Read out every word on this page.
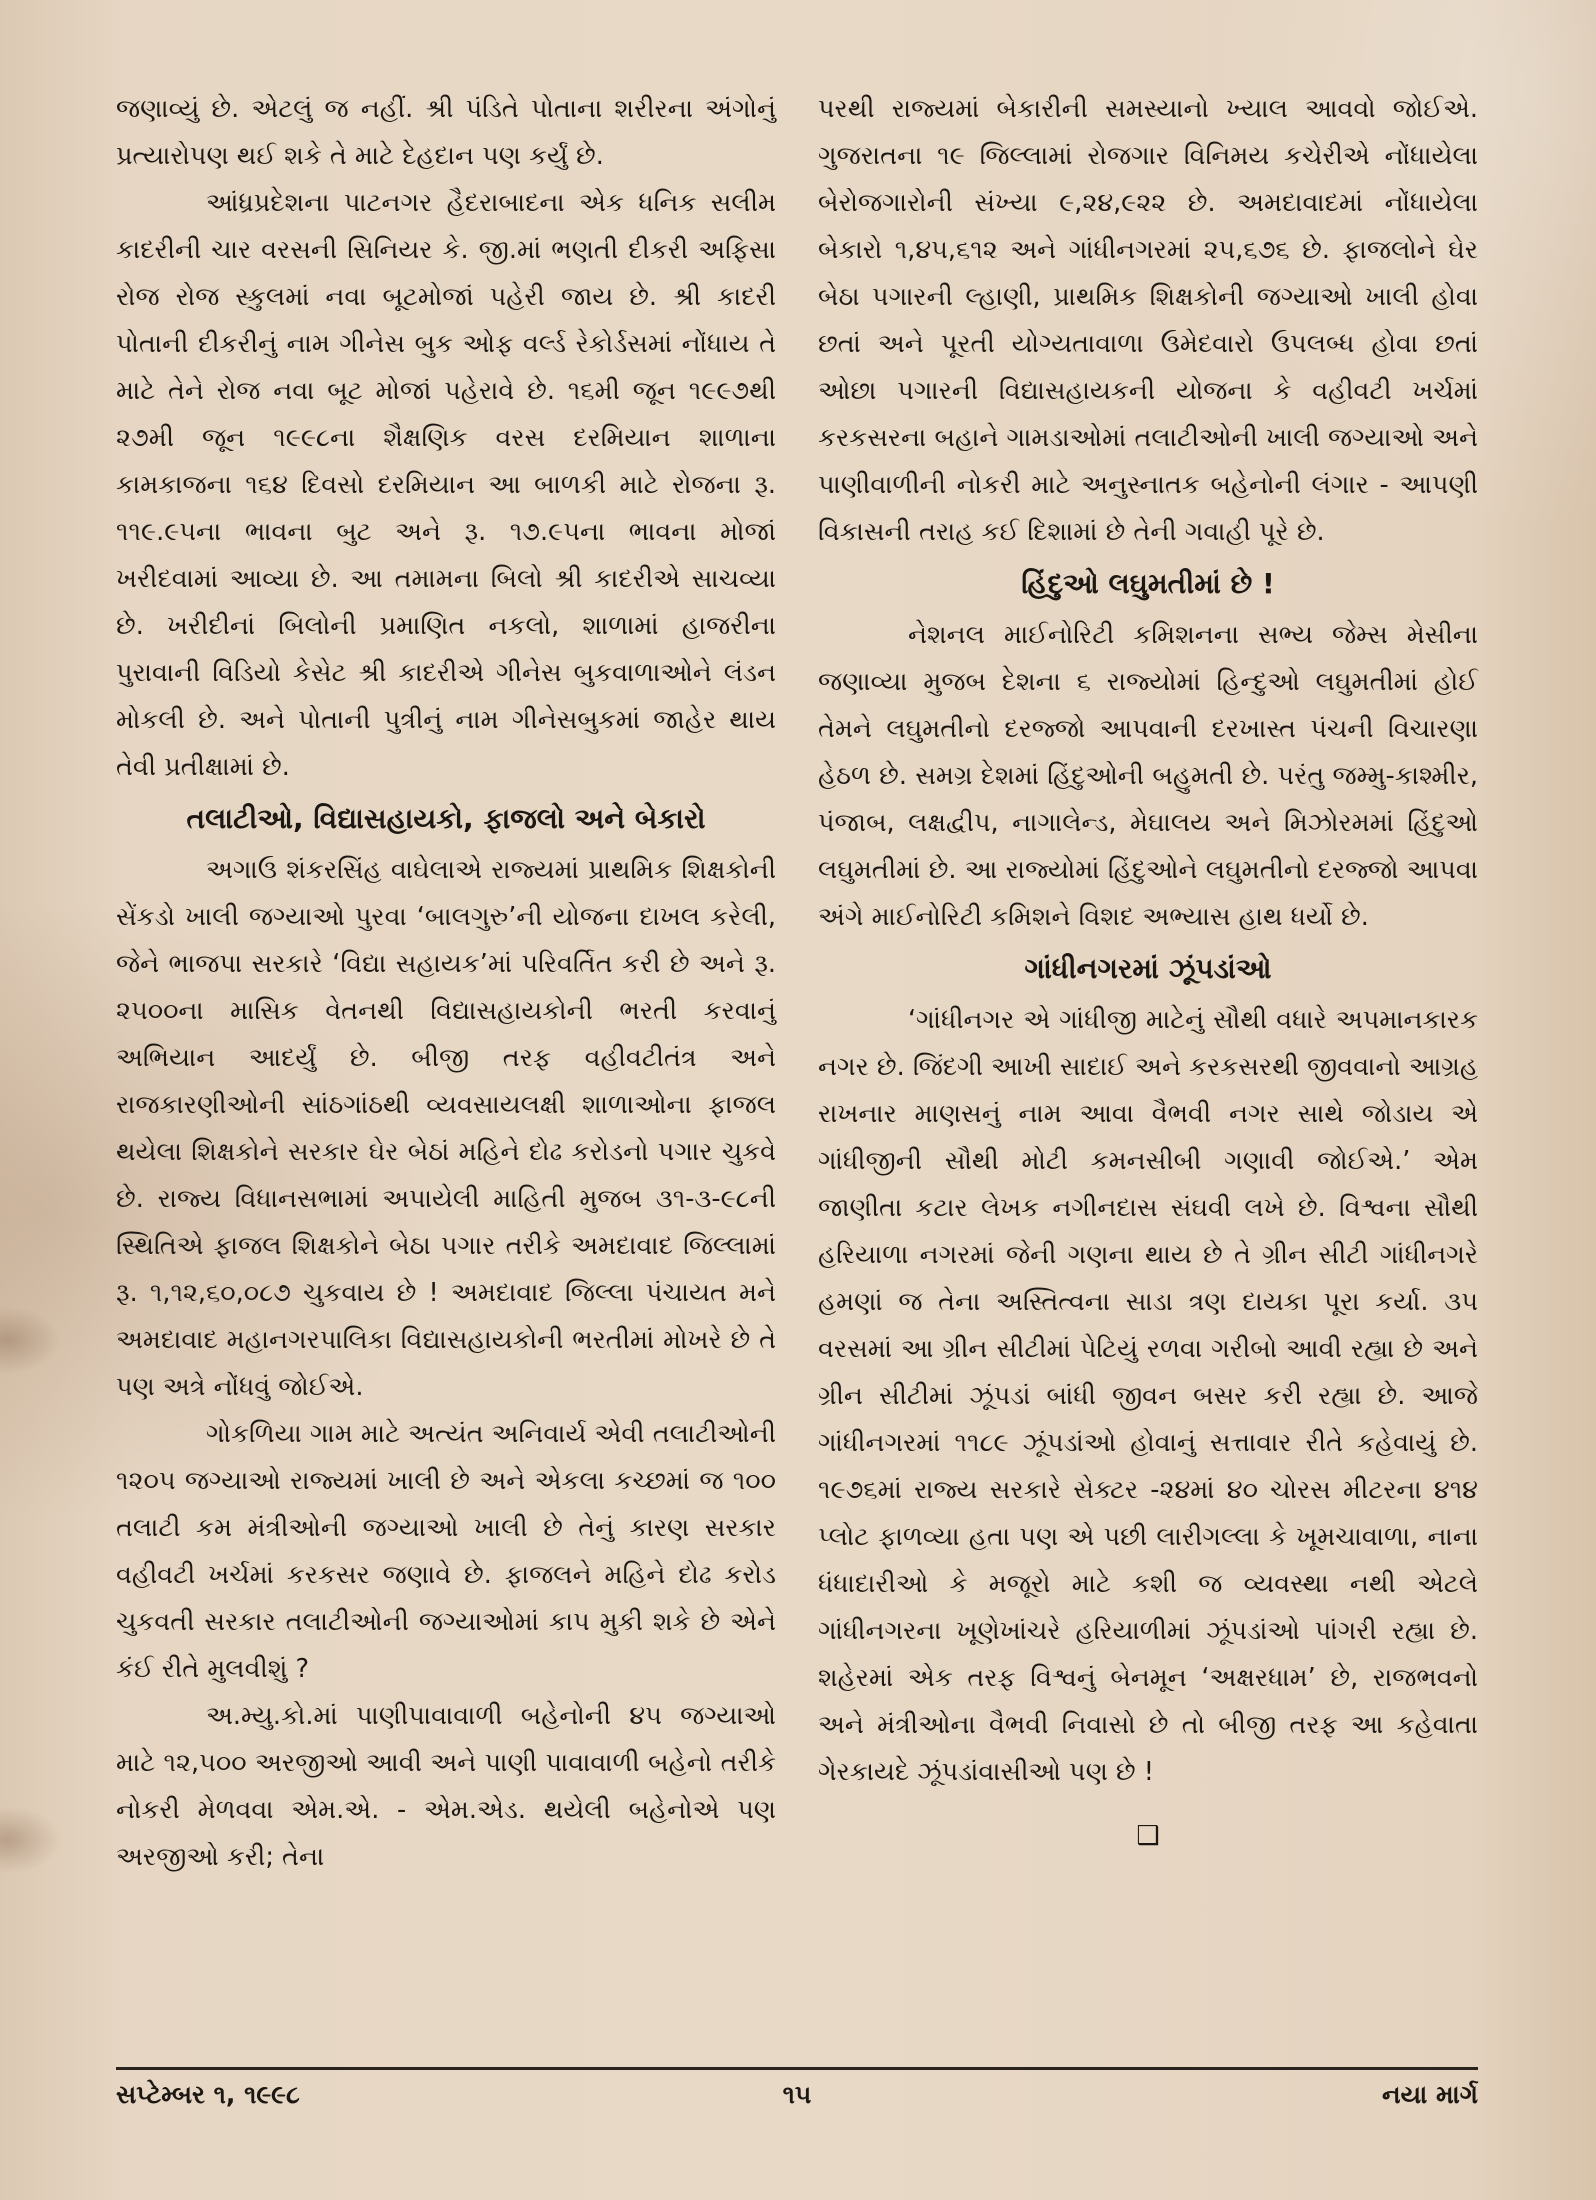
જણાવ્યું છે. એટલું જ નહીં. શ્રી પંડિતે પોતાના શરીરના અંગોનું પ્રત્યારોપણ થઈ શકે તે માટે દેહદાન પણ કર્યું છે.

આંધ્રપ્રદેશના પાટનગર હૈદરાબાદના એક ધનિક સલીમ કાદરીની ચાર વરસની સિનિયર કે. જી.માં ભણતી દીકરી અફિસા રોજ રોજ સ્કુલમાં નવા બૂટમોજાં પહેરી જાય છે. શ્રી કાદરી પોતાની દીકરીનું નામ ગીનેસ બુક ઓફ વર્લ્ડ રેકોર્ડસમાં નોંધાય તે માટે તેને રોજ નવા બૂટ મોજાં પહેરાવે છે. ૧૬મી જૂન ૧૯૯૭થી ૨૭મી જૂન ૧૯૯૮ના શૈક્ષણિક વરસ દરમિયાન શાળાના કામકાજના ૧૬૪ દિવસો દરમિયાન આ બાળકી માટે રોજના રૂ. ૧૧૯.૯૫ના ભાવના બુટ અને રૂ. ૧૭.૯૫ના ભાવના મોજાં ખરીદવામાં આવ્યા છે. આ તમામના બિલો શ્રી કાદરીએ સાચવ્યા છે. ખરીદીનાં બિલોની પ્રમાણિત નકલો, શાળામાં હાજરીના પુરાવાની વિડિયો કેસેટ શ્રી કાદરીએ ગીનેસ બુકવાળાઓને લંડન મોકલી છે. અને પોતાની પુત્રીનું નામ ગીનેસબુકમાં જાહેર થાય તેવી પ્રતીક્ષામાં છે.

તલાટીઓ, વિદ્યાસહાયકો, ફાજલો અને બેકારો

અગાઉ શંકરસિંહ વાઘેલાએ રાજ્યમાં પ્રાથમિક શિક્ષકોની સેંકડો ખાલી જગ્યાઓ પુરવા ‘બાલગુરુ’ની યોજના દાખલ કરેલી, જેને ભાજપા સરકારે ‘વિદ્યા સહાયક’માં પરિવર્તિત કરી છે અને રૂ. ૨૫૦૦ના માસિક વેતનથી વિદ્યાસહાયકોની ભરતી કરવાનું અભિયાન આદર્યું છે. બીજી તરફ વહીવટીતંત્ર અને રાજકારણીઓની સાંઠગાંઠથી વ્યવસાયલક્ષી શાળાઓના ફાજલ થયેલા શિક્ષકોને સરકાર ઘેર બેઠાં મહિને દોઢ કરોડનો પગાર ચુકવે છે. રાજ્ય વિધાનસભામાં અપાયેલી માહિતી મુજબ ૩૧-૩-૯૮ની સ્થિતિએ ફાજલ શિક્ષકોને બેઠા પગાર તરીકે અમદાવાદ જિલ્લામાં રૂ. ૧,૧૨,૬૦,૦૮૭ ચુકવાય છે ! અમદાવાદ જિલ્લા પંચાયત મને અમદાવાદ મહાનગરપાલિકા વિદ્યાસહાયકોની ભરતીમાં મોખરે છે તે પણ અત્રે નોંધવું જોઈએ.

ગોકળિયા ગામ માટે અત્યંત અનિવાર્ય એવી તલાટીઓની ૧૨૦૫ જગ્યાઓ રાજ્યમાં ખાલી છે અને એકલા કચ્છમાં જ ૧૦૦ તલાટી કમ મંત્રીઓની જગ્યાઓ ખાલી છે તેનું કારણ સરકાર વહીવટી ખર્ચમાં કરકસર જણાવે છે. ફાજલને મહિને દોઢ કરોડ ચુકવતી સરકાર તલાટીઓની જગ્યાઓમાં કાપ મુકી શકે છે એને કંઈ રીતે મુલવીશું ?

અ.મ્યુ.કો.માં પાણીપાવાવાળી બહેનોની ૪૫ જગ્યાઓ માટે ૧૨,૫૦૦ અરજીઓ આવી અને પાણી પાવાવાળી બહેનો તરીકે નોકરી મેળવવા એમ.એ. - એમ.એડ. થયેલી બહેનોએ પણ અરજીઓ કરી; તેના

પરથી રાજ્યમાં બેકારીની સમસ્યાનો ખ્યાલ આવવો જોઈએ. ગુજરાતના ૧૯ જિલ્લામાં રોજગાર વિનિમય કચેરીએ નોંધાયેલા બેરોજગારોની સંખ્યા ૯,૨૪,૯૨૨ છે. અમદાવાદમાં નોંધાયેલા બેકારો ૧,૪૫,૬૧૨ અને ગાંધીનગરમાં ૨૫,૬૭૬ છે. ફાજલોને ઘેર બેઠા પગારની લ્હાણી, પ્રાથમિક શિક્ષકોની જગ્યાઓ ખાલી હોવા છતાં અને પૂરતી યોગ્યતાવાળા ઉમેદવારો ઉપલબ્ધ હોવા છતાં ઓછા પગારની વિદ્યાસહાયકની યોજના કે વહીવટી ખર્ચમાં કરકસરના બહાને ગામડાઓમાં તલાટીઓની ખાલી જગ્યાઓ અને પાણીવાળીની નોકરી માટે અનુસ્નાતક બહેનોની લંગાર - આપણી વિકાસની તરાહ કઈ દિશામાં છે તેની ગવાહી પૂરે છે.

હિંદુઓ લઘુમતીમાં છે !

નેશનલ માઈનોરિટી કમિશનના સભ્ય જેમ્સ મેસીના જણાવ્યા મુજબ દેશના ૬ રાજ્યોમાં હિન્દુઓ લઘુમતીમાં હોઈ તેમને લઘુમતીનો દરજ્જો આપવાની દરખાસ્ત પંચની વિચારણા હેઠળ છે. સમગ્ર દેશમાં હિંદુઓની બહુમતી છે. પરંતુ જમ્મુ-કાશ્મીર, પંજાબ, લક્ષદ્વીપ, નાગાલેન્ડ, મેઘાલય અને મિઝોરમમાં હિંદુઓ લઘુમતીમાં છે. આ રાજ્યોમાં હિંદુઓને લઘુમતીનો દરજ્જો આપવા અંગે માઈનોરિટી કમિશને વિશદ અભ્યાસ હાથ ધર્યો છે.

ગાંધીનગરમાં ઝૂંપડાંઓ

‘ગાંધીનગર એ ગાંધીજી માટેનું સૌથી વધારે અપમાનકારક નગર છે. જિંદગી આખી સાદાઈ અને કરકસરથી જીવવાનો આગ્રહ રાખનાર માણસનું નામ આવા વૈભવી નગર સાથે જોડાય એ ગાંધીજીની સૌથી મોટી કમનસીબી ગણાવી જોઈએ.’ એમ જાણીતા કટાર લેખક નગીનદાસ સંઘવી લખે છે. વિશ્વના સૌથી હરિયાળા નગરમાં જેની ગણના થાય છે તે ગ્રીન સીટી ગાંધીનગરે હમણાં જ તેના અસ્તિત્વના સાડા ત્રણ દાયકા પૂરા કર્યા. ૩૫ વરસમાં આ ગ્રીન સીટીમાં પેટિયું રળવા ગરીબો આવી રહ્યા છે અને ગ્રીન સીટીમાં ઝૂંપડાં બાંધી જીવન બસર કરી રહ્યા છે. આજે ગાંધીનગરમાં ૧૧૮૯ ઝૂંપડાંઓ હોવાનું સત્તાવાર રીતે કહેવાયું છે. ૧૯૭૬માં રાજ્ય સરકારે સેક્ટર -૨૪માં ૪૦ ચોરસ મીટરના ૪૧૪ પ્લોટ ફાળવ્યા હતા પણ એ પછી લારીગલ્લા કે ખૂમચાવાળા, નાના ધંધાદારીઓ કે મજૂરો માટે કશી જ વ્યવસ્થા નથી એટલે ગાંધીનગરના ખૂણેખાંચરે હરિયાળીમાં ઝૂંપડાંઓ પાંગરી રહ્યા છે. શહેરમાં એક તરફ વિશ્વનું બેનમૂન ‘અક્ષરધામ’ છે, રાજભવનો અને મંત્રીઓના વૈભવી નિવાસો છે તો બીજી તરફ આ કહેવાતા ગેરકાયદે ઝૂંપડાંવાસીઓ પણ છે !

❑
સપ્ટેમ્બર ૧, ૧૯૯૮	૧૫	નયા માર્ગ
